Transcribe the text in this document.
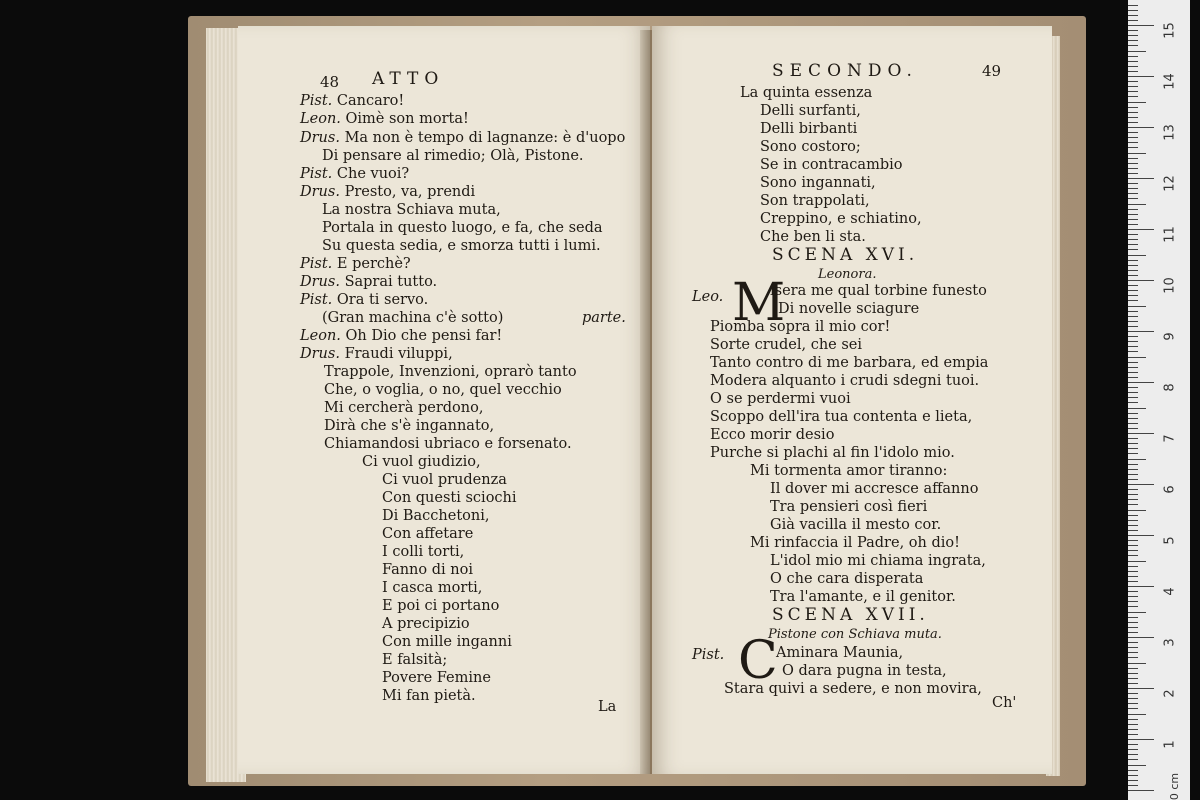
48 ATTO
Pist. Cancaro!
Leon. Oimè son morta!
Drus. Ma non è tempo di lagnanze: è d'uopo
Di pensare al rimedio; Olà, Pistone.
Pist. Che vuoi?
Drus. Presto, va, prendi
La nostra Schiava muta,
Portala in questo luogo, e fa, che seda
Su questa sedia, e smorza tutti i lumi.
Pist. E perchè?
Drus. Saprai tutto.
Pist. Ora ti servo.
(Gran machina c'è sotto)	parte.
Leon. Oh Dio che pensi far!
Drus. Fraudi viluppi,
Trappole, Invenzioni, oprarò tanto
Che, o voglia, o no, quel vecchio
Mi cercherà perdono,
Dirà che s'è ingannato,
Chiamandosi ubriaco e forsenato.
Ci vuol giudizio,
Ci vuol prudenza
Con questi sciochi
Di Bacchetoni,
Con affetare
I colli torti,
Fanno di noi
I casca morti,
E poi ci portano
A precipizio
Con mille inganni
E falsità;
Povere Femine
Mi fan pietà.
La
SECONDO.	49
La quinta essenza
Delli surfanti,
Delli birbanti
Sono costoro;
Se in contracambio
Sono ingannati,
Son trappolati,
Creppino, e schiatino,
Che ben li sta.
SCENA XVI.
Leonora.
Leo. M
isera me qual torbine funesto
Di novelle sciagure
Piomba sopra il mio cor!
Sorte crudel, che sei
Tanto contro di me barbara, ed empia
Modera alquanto i crudi sdegni tuoi.
O se perdermi vuoi
Scoppo dell'ira tua contenta e lieta,
Ecco morir desio
Purche si plachi al fin l'idolo mio.
Mi tormenta amor tiranno:
Il dover mi accresce affanno
Tra pensieri così fieri
Già vacilla il mesto cor.
Mi rinfaccia il Padre, oh dio!
L'idol mio mi chiama ingrata,
O che cara disperata
Tra l'amante, e il genitor.
SCENA XVII.
Pistone con Schiava muta.
Pist. C
Aminara Maunia,
O dara pugna in testa,
Stara quivi a sedere, e non movira,
Ch'
1
2
3
4
5
6
7
8
9
10
11
12
13
14
15
0 cm
